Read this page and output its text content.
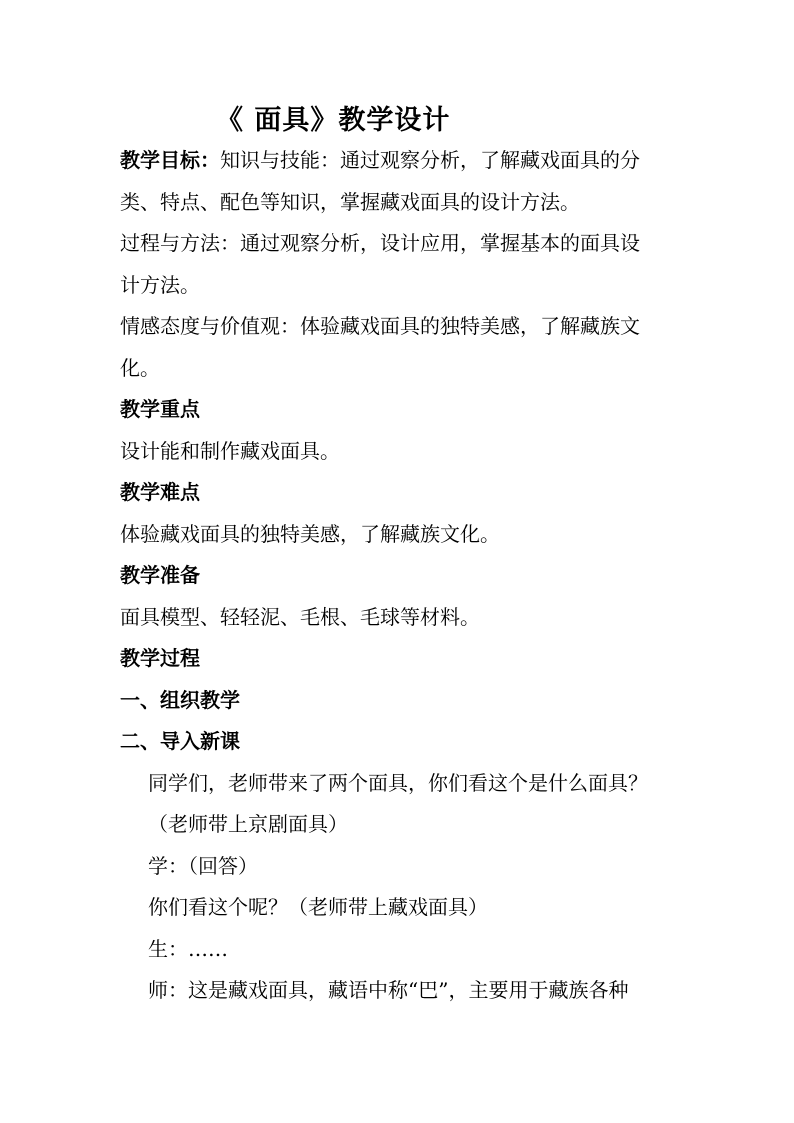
《 面具》教学设计

教学目标：知识与技能：通过观察分析，了解藏戏面具的分

类、特点、配色等知识，掌握藏戏面具的设计方法。

过程与方法：通过观察分析，设计应用，掌握基本的面具设

计方法。

情感态度与价值观：体验藏戏面具的独特美感，了解藏族文

化。

教学重点

设计能和制作藏戏面具。

教学难点

体验藏戏面具的独特美感，了解藏族文化。

教学准备

面具模型、轻轻泥、毛根、毛球等材料。

教学过程

一、组织教学

二、导入新课

同学们，老师带来了两个面具，你们看这个是什么面具？

（老师带上京剧面具）

学：（回答）

你们看这个呢？（老师带上藏戏面具）

生：……

师：这是藏戏面具，藏语中称“巴”，主要用于藏族各种
